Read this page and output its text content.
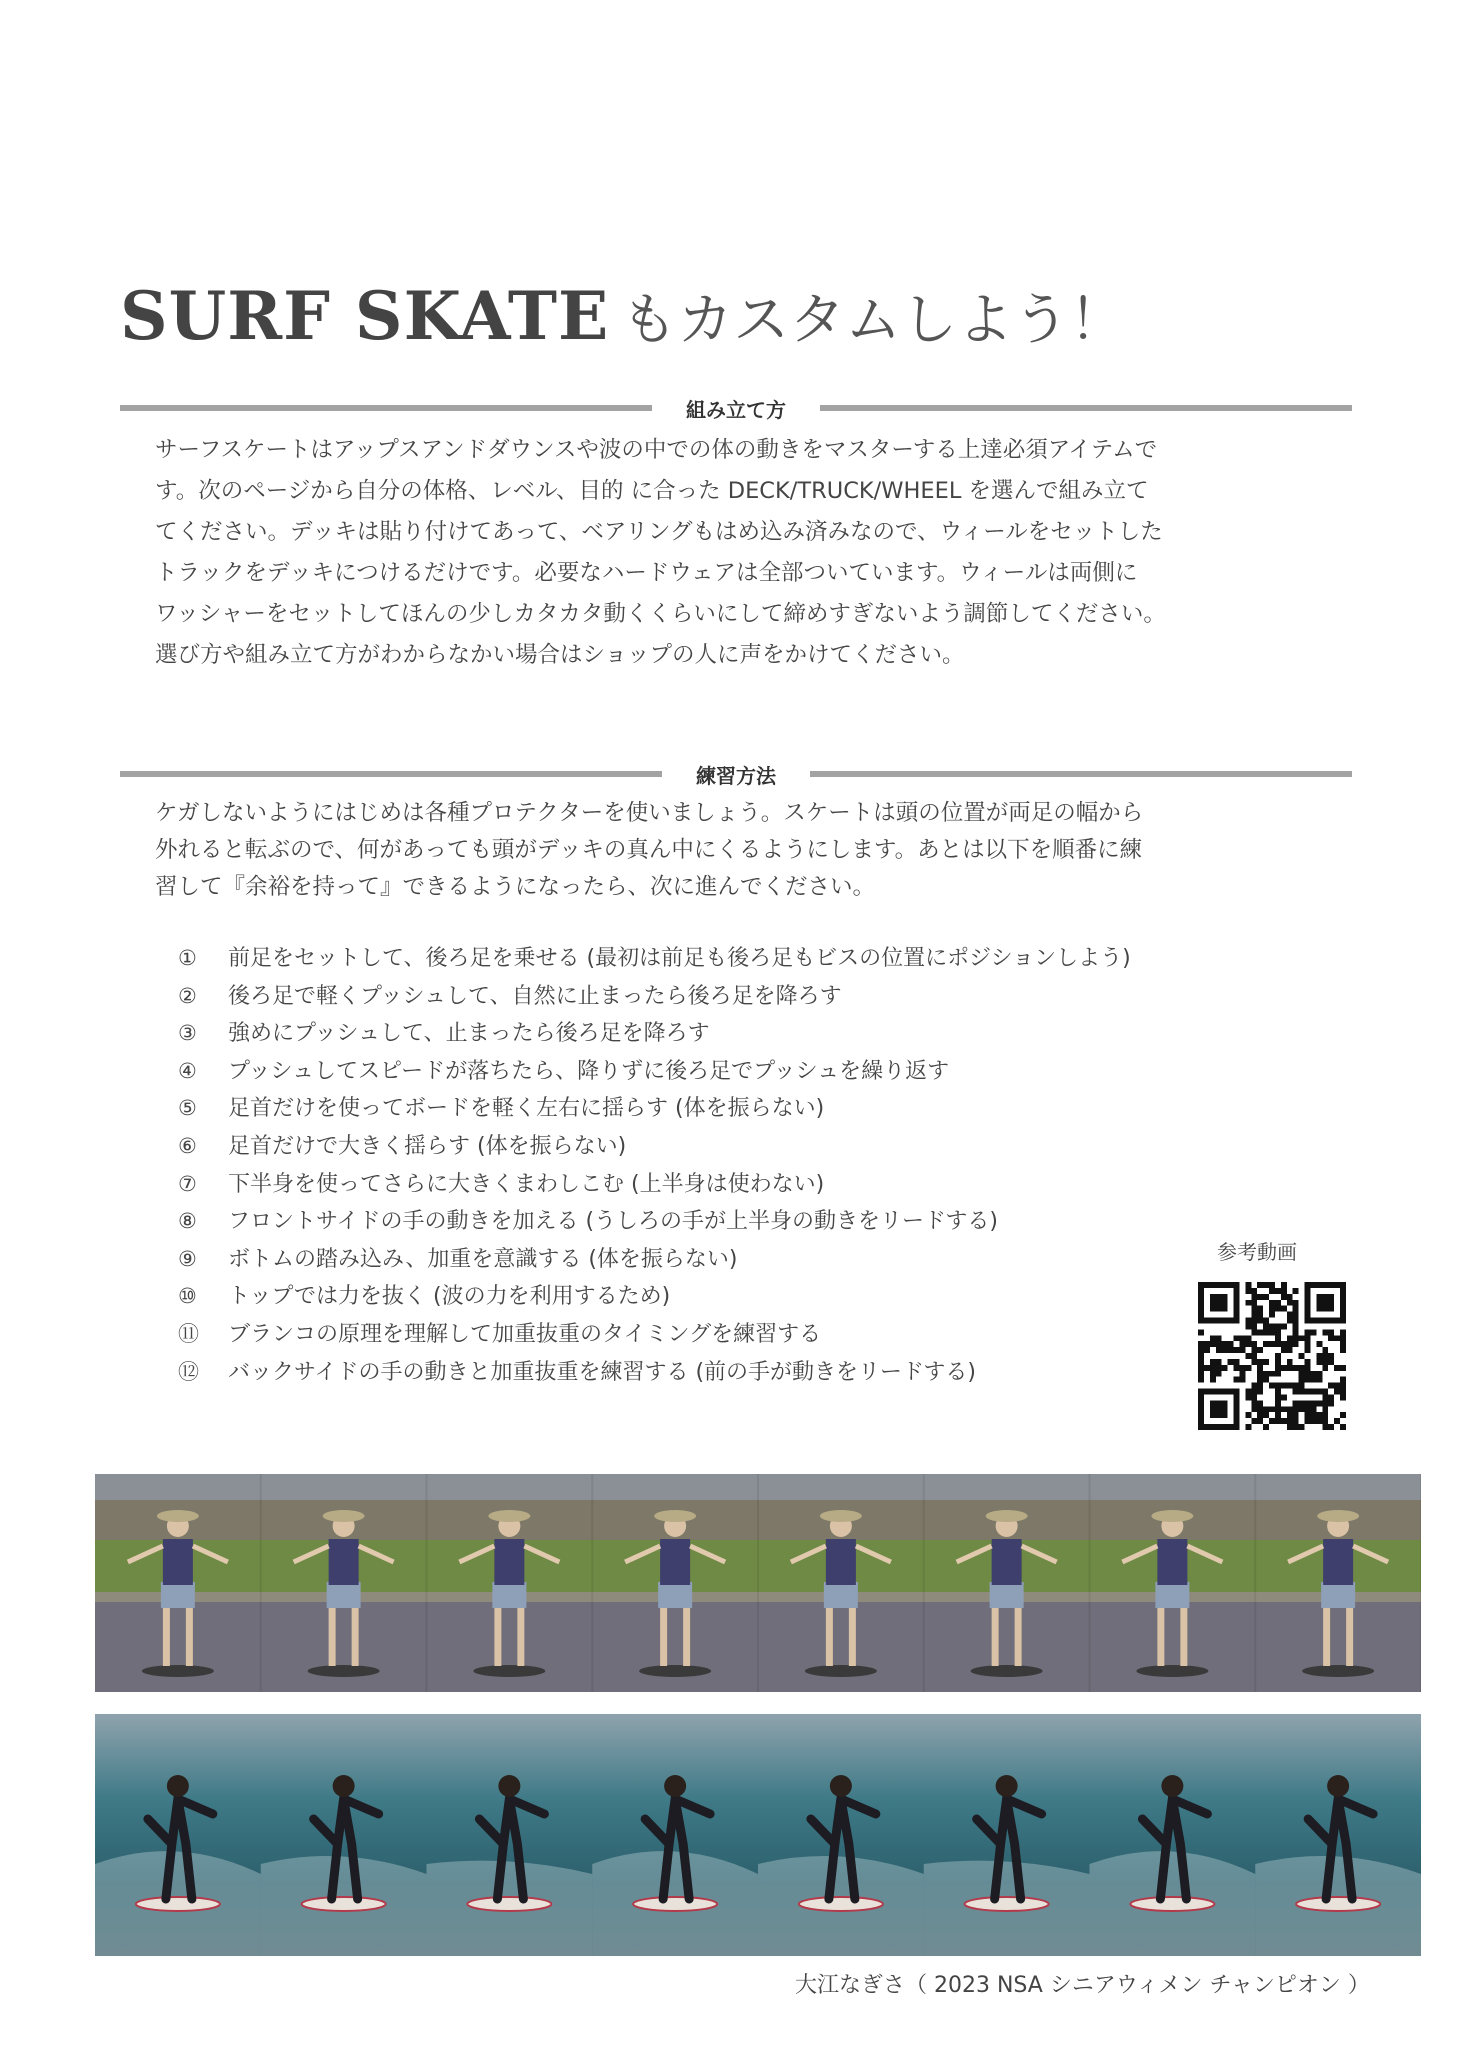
SURF SKATE もカスタムしよう！
組み立て方
サーフスケートはアップスアンドダウンスや波の中での体の動きをマスターする上達必須アイテムで
す。次のページから自分の体格、レベル、目的 に合った DECK/TRUCK/WHEEL を選んで組み立て
てください。デッキは貼り付けてあって、ベアリングもはめ込み済みなので、ウィールをセットした
トラックをデッキにつけるだけです。必要なハードウェアは全部ついています。ウィールは両側に
ワッシャーをセットしてほんの少しカタカタ動くくらいにして締めすぎないよう調節してください。
選び方や組み立て方がわからなかい場合はショップの人に声をかけてください。
練習方法
ケガしないようにはじめは各種プロテクターを使いましょう。スケートは頭の位置が両足の幅から
外れると転ぶので、何があっても頭がデッキの真ん中にくるようにします。あとは以下を順番に練
習して『余裕を持って』できるようになったら、次に進んでください。
①	前足をセットして、後ろ足を乗せる (最初は前足も後ろ足もビスの位置にポジションしよう)
②	後ろ足で軽くプッシュして、自然に止まったら後ろ足を降ろす
③	強めにプッシュして、止まったら後ろ足を降ろす
④	プッシュしてスピードが落ちたら、降りずに後ろ足でプッシュを繰り返す
⑤	足首だけを使ってボードを軽く左右に揺らす (体を振らない)
⑥	足首だけで大きく揺らす (体を振らない)
⑦	下半身を使ってさらに大きくまわしこむ (上半身は使わない)
⑧	フロントサイドの手の動きを加える (うしろの手が上半身の動きをリードする)
⑨	ボトムの踏み込み、加重を意識する (体を振らない)
⑩	トップでは力を抜く (波の力を利用するため)
⑪	ブランコの原理を理解して加重抜重のタイミングを練習する
⑫	バックサイドの手の動きと加重抜重を練習する (前の手が動きをリードする)
参考動画
大江なぎさ（ 2023 NSA シニアウィメン チャンピオン ）
